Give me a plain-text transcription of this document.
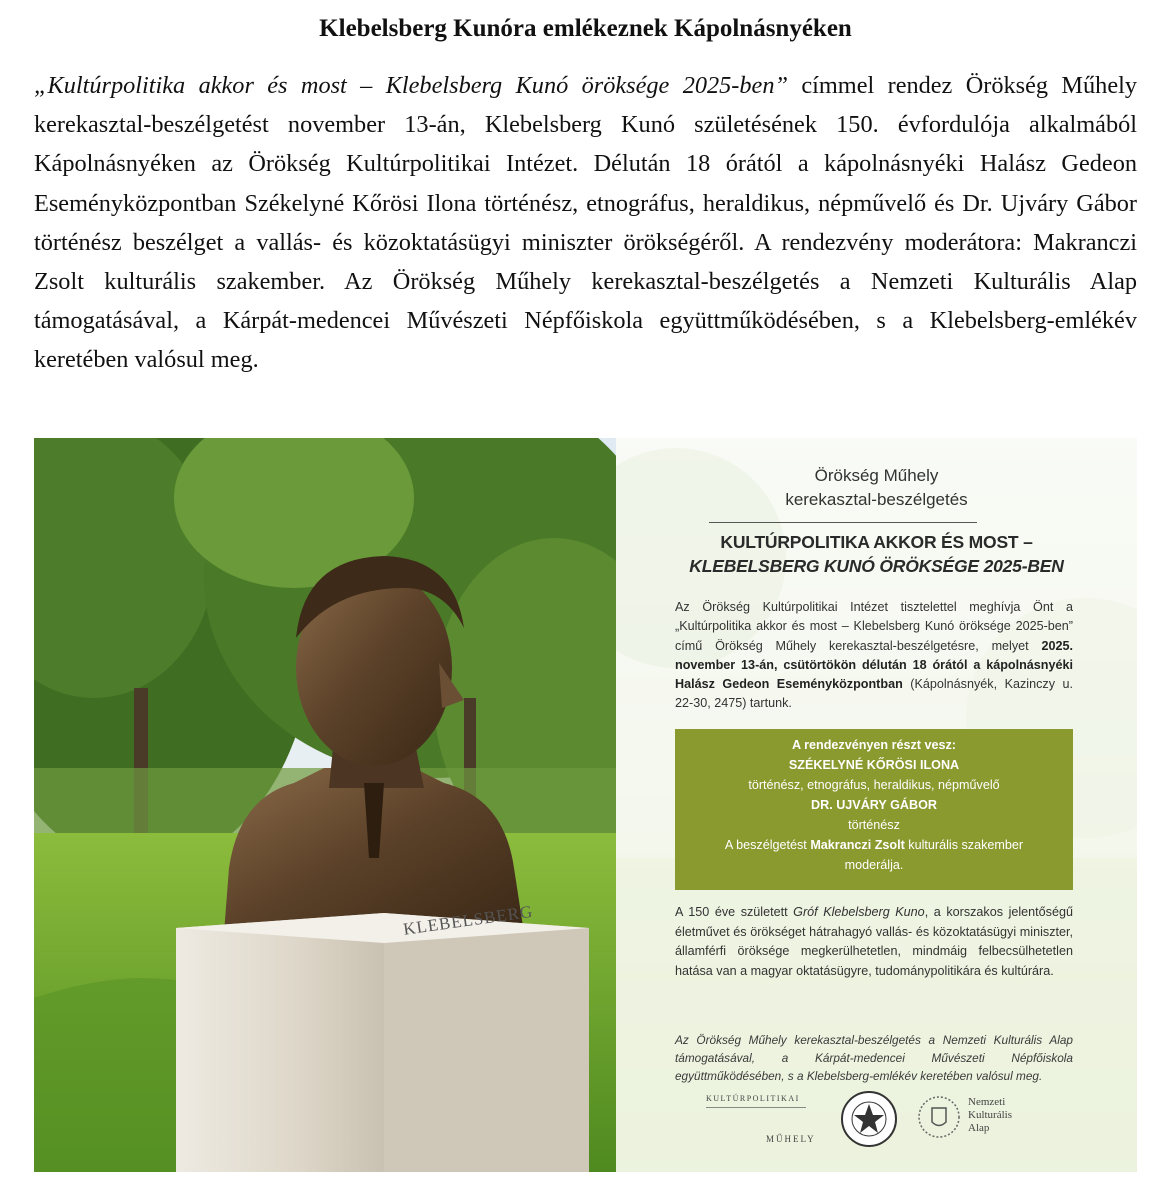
Klebelsberg Kunóra emlékeznek Kápolnásnyéken

„Kultúrpolitika akkor és most – Klebelsberg Kunó öröksége 2025-ben” címmel rendez Örökség Műhely kerekasztal-beszélgetést november 13-án, Klebelsberg Kunó születésének 150. évfordulója alkalmából Kápolnásnyéken az Örökség Kultúrpolitikai Intézet. Délután 18 órától a kápolnásnyéki Halász Gedeon Eseményközpontban Székelyné Kőrösi Ilona történész, etnográfus, heraldikus, népművelő és Dr. Ujváry Gábor történész beszélget a vallás- és közoktatásügyi miniszter örökségéről. A rendezvény moderátora: Makranczi Zsolt kulturális szakember. Az Örökség Műhely kerekasztal-beszélgetés a Nemzeti Kulturális Alap támogatásával, a Kárpát-medencei Művészeti Népfőiskola együttműködésében, s a Klebelsberg-emlékév keretében valósul meg.

Örökség Műhely
kerekasztal-beszélgetés
KULTÚRPOLITIKA AKKOR ÉS MOST –
KLEBELSBERG KUNÓ ÖRÖKSÉGE 2025-BEN
Az Örökség Kultúrpolitikai Intézet tisztelettel meghívja Önt a „Kultúrpolitika akkor és most – Klebelsberg Kunó öröksége 2025-ben” című Örökség Műhely kerekasztal-beszélgetésre, melyet 2025. november 13-án, csütörtökön délután 18 órától a kápolnásnyéki Halász Gedeon Eseményközpontban (Kápolnásnyék, Kazinczy u. 22-30, 2475) tartunk.
A rendezvényen részt vesz:
SZÉKELYNÉ KŐRÖSI ILONA
történész, etnográfus, heraldikus, népművelő
DR. UJVÁRY GÁBOR
történész
A beszélgetést Makranczi Zsolt kulturális szakember
moderálja.
A 150 éve született Gróf Klebelsberg Kuno, a korszakos jelentőségű életművet és örökséget hátrahagyó vallás- és közoktatásügyi miniszter, államférfi öröksége megkerülhetetlen, mindmáig felbecsülhetetlen hatása van a magyar oktatásügyre, tudománypolitikára és kultúrára.
Az Örökség Műhely kerekasztal-beszélgetés a Nemzeti Kulturális Alap támogatásával, a Kárpát-medencei Művészeti Népfőiskola együttműködésében, s a Klebelsberg-emlékév keretében valósul meg.
KULTÚRPOLITIKAI
MŰHELY
Nemzeti
Kulturális
Alap
KLEBELSBERG
